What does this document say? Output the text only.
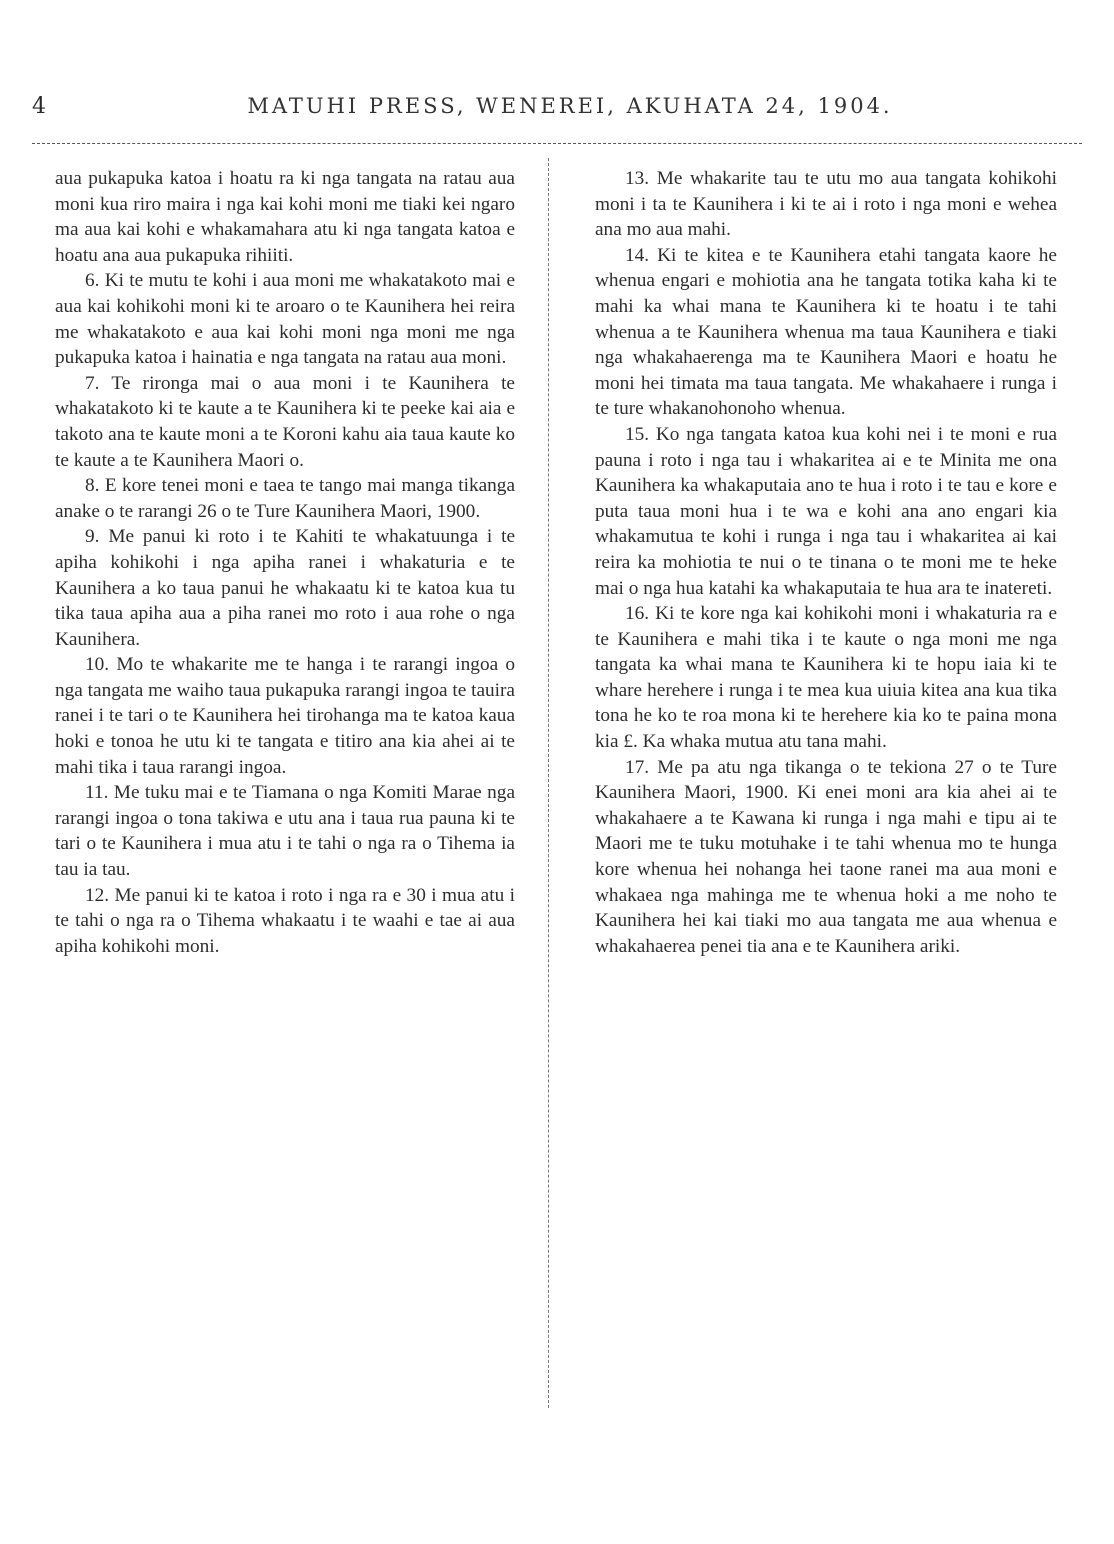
4	MATUHI PRESS, WENEREI, AKUHATA 24, 1904.

aua pukapuka katoa i hoatu ra ki nga tangata na ratau aua moni kua riro maira i nga kai kohi moni me tiaki kei ngaro ma aua kai kohi e whakamahara atu ki nga tangata katoa e hoatu ana aua pukapuka rihiiti.

6. Ki te mutu te kohi i aua moni me whakatakoto mai e aua kai kohikohi moni ki te aroaro o te Kaunihera hei reira me whakatakoto e aua kai kohi moni nga moni me nga pukapuka katoa i hainatia e nga tangata na ratau aua moni.

7. Te rironga mai o aua moni i te Kaunihera te whakatakoto ki te kaute a te Kaunihera ki te peeke kai aia e takoto ana te kaute moni a te Koroni kahu aia taua kaute ko te kaute a te Kaunihera Maori o.

8. E kore tenei moni e taea te tango mai manga tikanga anake o te rarangi 26 o te Ture Kaunihera Maori, 1900.

9. Me panui ki roto i te Kahiti te whakatuunga i te apiha kohikohi i nga apiha ranei i whakaturia e te Kaunihera a ko taua panui he whakaatu ki te katoa kua tu tika taua apiha aua a piha ranei mo roto i aua rohe o nga Kaunihera.

10. Mo te whakarite me te hanga i te rarangi ingoa o nga tangata me waiho taua pukapuka rarangi ingoa te tauira ranei i te tari o te Kaunihera hei tirohanga ma te katoa kaua hoki e tonoa he utu ki te tangata e titiro ana kia ahei ai te mahi tika i taua rarangi ingoa.

11. Me tuku mai e te Tiamana o nga Komiti Marae nga rarangi ingoa o tona takiwa e utu ana i taua rua pauna ki te tari o te Kaunihera i mua atu i te tahi o nga ra o Tihema ia tau ia tau.

12. Me panui ki te katoa i roto i nga ra e 30 i mua atu i te tahi o nga ra o Tihema whakaatu i te waahi e tae ai aua apiha kohikohi moni.

13. Me whakarite tau te utu mo aua tangata kohikohi moni i ta te Kaunihera i ki te ai i roto i nga moni e wehea ana mo aua mahi.

14. Ki te kitea e te Kaunihera etahi tangata kaore he whenua engari e mohiotia ana he tangata totika kaha ki te mahi ka whai mana te Kaunihera ki te hoatu i te tahi whenua a te Kaunihera whenua ma taua Kaunihera e tiaki nga whakahaerenga ma te Kaunihera Maori e hoatu he moni hei timata ma taua tangata. Me whakahaere i runga i te ture whakanohonoho whenua.

15. Ko nga tangata katoa kua kohi nei i te moni e rua pauna i roto i nga tau i whakaritea ai e te Minita me ona Kaunihera ka whakaputaia ano te hua i roto i te tau e kore e puta taua moni hua i te wa e kohi ana ano engari kia whakamutua te kohi i runga i nga tau i whakaritea ai kai reira ka mohiotia te nui o te tinana o te moni me te heke mai o nga hua katahi ka whakaputaia te hua ara te inatereti.

16. Ki te kore nga kai kohikohi moni i whakaturia ra e te Kaunihera e mahi tika i te kaute o nga moni me nga tangata ka whai mana te Kaunihera ki te hopu iaia ki te whare herehere i runga i te mea kua uiuia kitea ana kua tika tona he ko te roa mona ki te herehere kia ko te paina mona kia £. Ka whaka mutua atu tana mahi.

17. Me pa atu nga tikanga o te tekiona 27 o te Ture Kaunihera Maori, 1900. Ki enei moni ara kia ahei ai te whakahaere a te Kawana ki runga i nga mahi e tipu ai te Maori me te tuku motuhake i te tahi whenua mo te hunga kore whenua hei nohanga hei taone ranei ma aua moni e whakaea nga mahinga me te whenua hoki a me noho te Kaunihera hei kai tiaki mo aua tangata me aua whenua e whakahaerea penei tia ana e te Kaunihera ariki.
